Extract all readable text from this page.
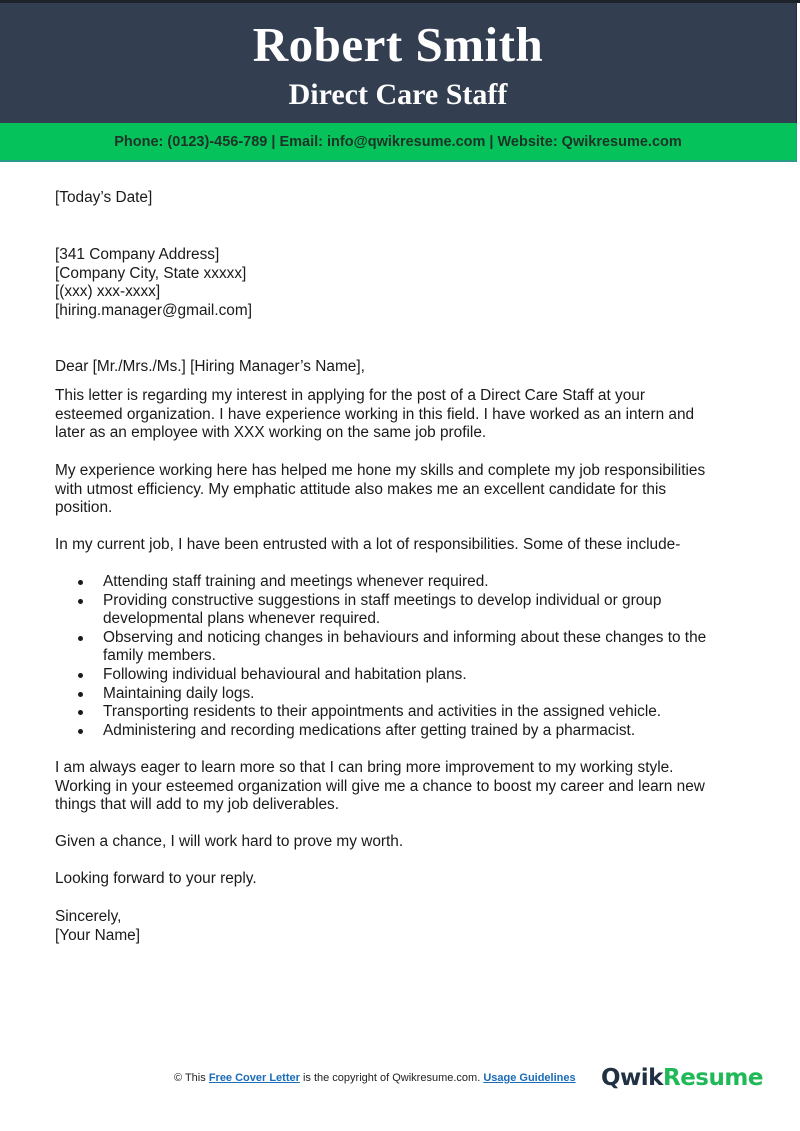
Robert Smith
Direct Care Staff
Phone: (0123)-456-789 | Email: info@qwikresume.com | Website: Qwikresume.com
[Today’s Date]
[341 Company Address]
[Company City, State xxxxx]
[(xxx) xxx-xxxx]
[hiring.manager@gmail.com]
Dear [Mr./Mrs./Ms.] [Hiring Manager’s Name],
This letter is regarding my interest in applying for the post of a Direct Care Staff at your
esteemed organization. I have experience working in this field. I have worked as an intern and
later as an employee with XXX working on the same job profile.
My experience working here has helped me hone my skills and complete my job responsibilities
with utmost efficiency. My emphatic attitude also makes me an excellent candidate for this
position.
In my current job, I have been entrusted with a lot of responsibilities. Some of these include-
Attending staff training and meetings whenever required.
Providing constructive suggestions in staff meetings to develop individual or group
developmental plans whenever required.
Observing and noticing changes in behaviours and informing about these changes to the
family members.
Following individual behavioural and habitation plans.
Maintaining daily logs.
Transporting residents to their appointments and activities in the assigned vehicle.
Administering and recording medications after getting trained by a pharmacist.
I am always eager to learn more so that I can bring more improvement to my working style.
Working in your esteemed organization will give me a chance to boost my career and learn new
things that will add to my job deliverables.
Given a chance, I will work hard to prove my worth.
Looking forward to your reply.
Sincerely,
[Your Name]
© This Free Cover Letter is the copyright of Qwikresume.com. Usage Guidelines QwikResume
